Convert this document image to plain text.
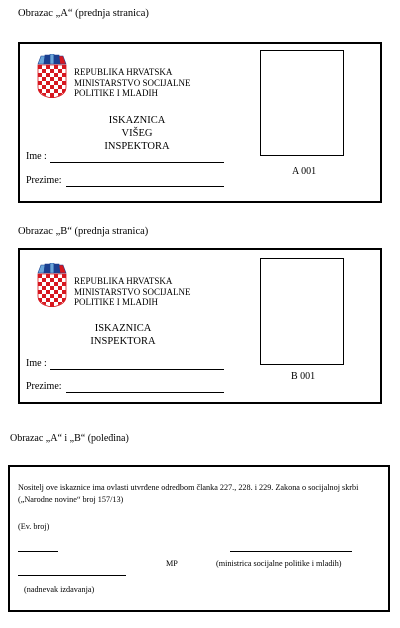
Obrazac „A“ (prednja stranica)
REPUBLIKA HRVATSKA
MINISTARSTVO SOCIJALNE
POLITIKE I MLADIH
ISKAZNICA
VIŠEG INSPEKTORA
A 001
Ime :
Prezime:
Obrazac „B“ (prednja stranica)
REPUBLIKA HRVATSKA
MINISTARSTVO SOCIJALNE
POLITIKE I MLADIH
ISKAZNICA
INSPEKTORA
B 001
Ime :
Prezime:
Obrazac „A“ i „B“ (poleđina)
Nositelj ove iskaznice ima ovlasti utvrđene odredbom članka 227., 228. i 229. Zakona o socijalnoj skrbi („Narodne novine“ broj 157/13)
(Ev. broj)
MP	(ministrica socijalne politike i mladih)
(nadnevak izdavanja)
